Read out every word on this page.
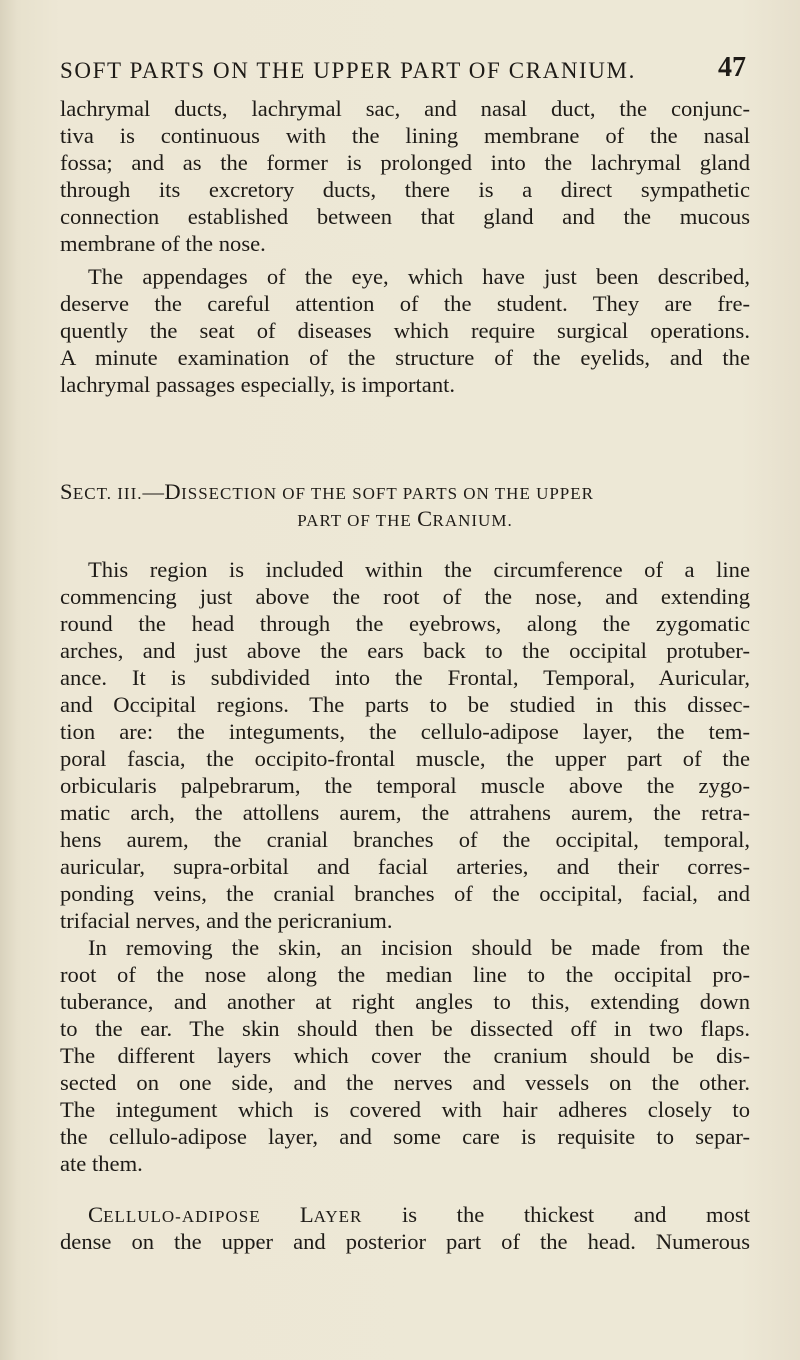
SOFT PARTS ON THE UPPER PART OF CRANIUM.	47
lachrymal ducts, lachrymal sac, and nasal duct, the conjunc-
tiva is continuous with the lining membrane of the nasal
fossa; and as the former is prolonged into the lachrymal gland
through its excretory ducts, there is a direct sympathetic
connection established between that gland and the mucous
membrane of the nose.
The appendages of the eye, which have just been described,
deserve the careful attention of the student. They are fre-
quently the seat of diseases which require surgical operations.
A minute examination of the structure of the eyelids, and the
lachrymal passages especially, is important.
SECT. III.—DISSECTION OF THE SOFT PARTS ON THE UPPER
PART OF THE CRANIUM.
This region is included within the circumference of a line
commencing just above the root of the nose, and extending
round the head through the eyebrows, along the zygomatic
arches, and just above the ears back to the occipital protuber-
ance. It is subdivided into the Frontal, Temporal, Auricular,
and Occipital regions. The parts to be studied in this dissec-
tion are: the integuments, the cellulo-adipose layer, the tem-
poral fascia, the occipito-frontal muscle, the upper part of the
orbicularis palpebrarum, the temporal muscle above the zygo-
matic arch, the attollens aurem, the attrahens aurem, the retra-
hens aurem, the cranial branches of the occipital, temporal,
auricular, supra-orbital and facial arteries, and their corres-
ponding veins, the cranial branches of the occipital, facial, and
trifacial nerves, and the pericranium.
In removing the skin, an incision should be made from the
root of the nose along the median line to the occipital pro-
tuberance, and another at right angles to this, extending down
to the ear. The skin should then be dissected off in two flaps.
The different layers which cover the cranium should be dis-
sected on one side, and the nerves and vessels on the other.
The integument which is covered with hair adheres closely to
the cellulo-adipose layer, and some care is requisite to separ-
ate them.
CELLULO-ADIPOSE LAYER is the thickest and most
dense on the upper and posterior part of the head. Numerous
